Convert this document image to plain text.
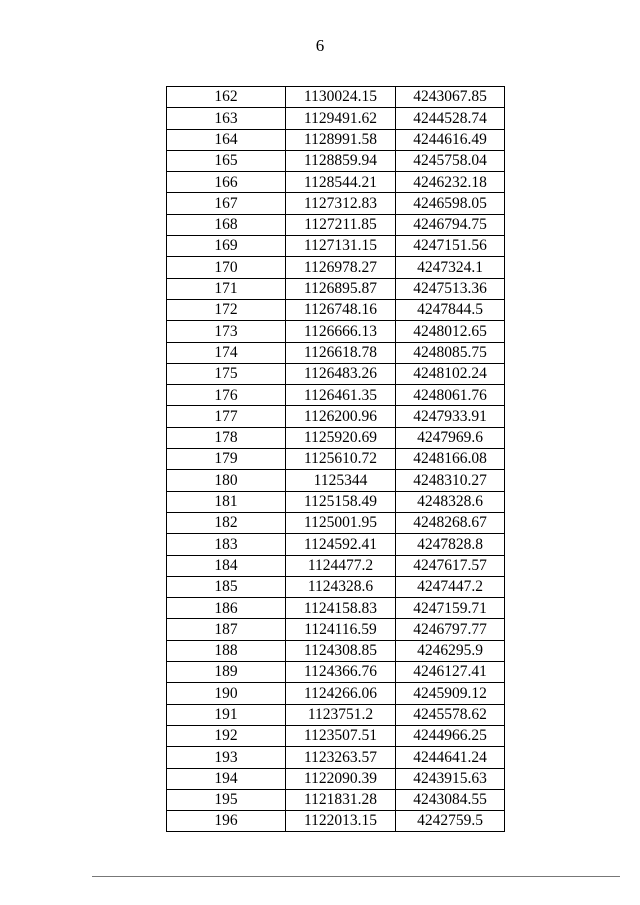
6
162	1130024.15	4243067.85
163	1129491.62	4244528.74
164	1128991.58	4244616.49
165	1128859.94	4245758.04
166	1128544.21	4246232.18
167	1127312.83	4246598.05
168	1127211.85	4246794.75
169	1127131.15	4247151.56
170	1126978.27	4247324.1
171	1126895.87	4247513.36
172	1126748.16	4247844.5
173	1126666.13	4248012.65
174	1126618.78	4248085.75
175	1126483.26	4248102.24
176	1126461.35	4248061.76
177	1126200.96	4247933.91
178	1125920.69	4247969.6
179	1125610.72	4248166.08
180	1125344	4248310.27
181	1125158.49	4248328.6
182	1125001.95	4248268.67
183	1124592.41	4247828.8
184	1124477.2	4247617.57
185	1124328.6	4247447.2
186	1124158.83	4247159.71
187	1124116.59	4246797.77
188	1124308.85	4246295.9
189	1124366.76	4246127.41
190	1124266.06	4245909.12
191	1123751.2	4245578.62
192	1123507.51	4244966.25
193	1123263.57	4244641.24
194	1122090.39	4243915.63
195	1121831.28	4243084.55
196	1122013.15	4242759.5
